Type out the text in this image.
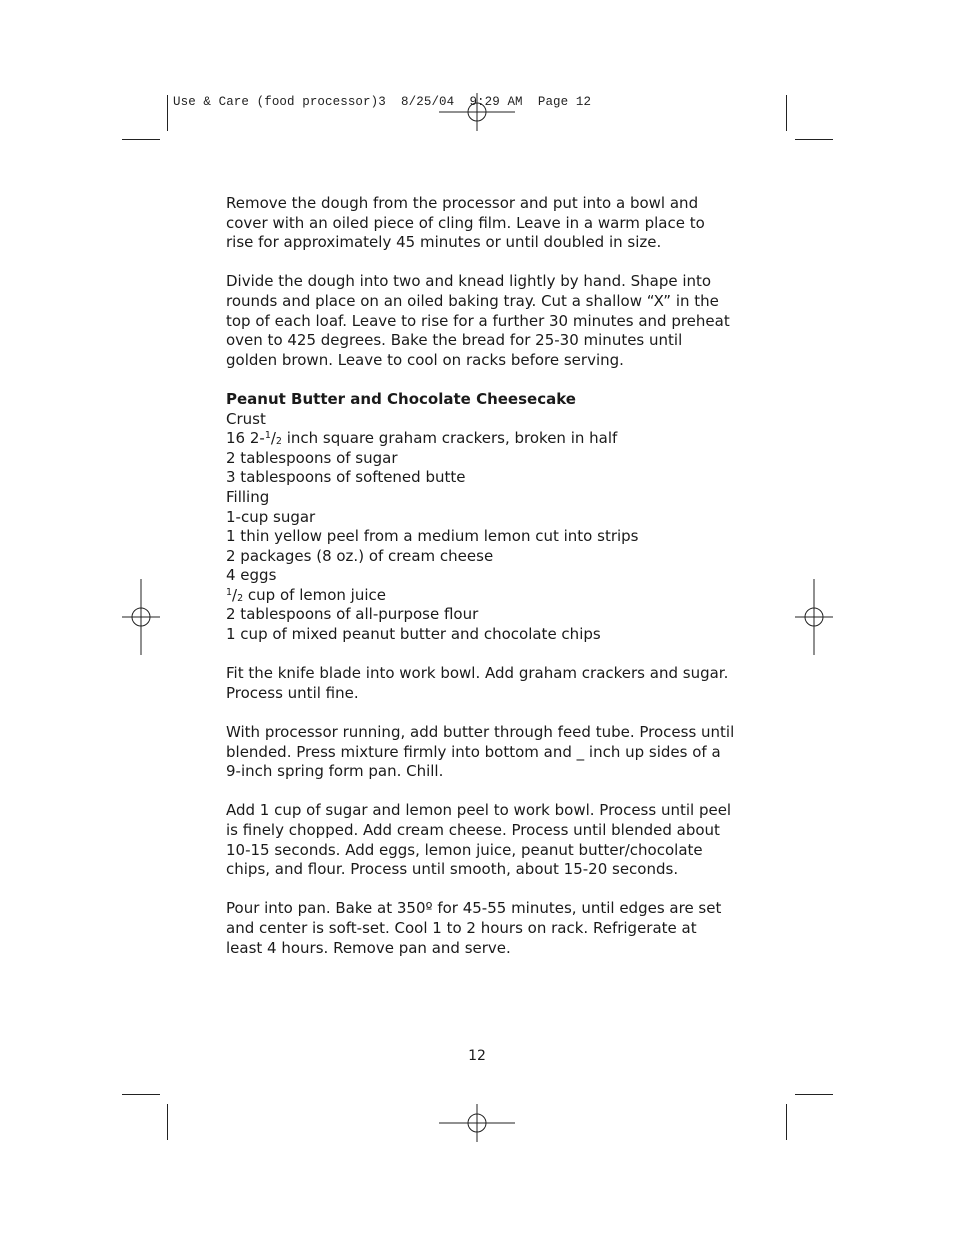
Use & Care (food processor)3  8/25/04  9:29 AM  Page 12

Remove the dough from the processor and put into a bowl and cover with an oiled piece of cling film. Leave in a warm place to rise for approximately 45 minutes or until doubled in size.

Divide the dough into two and knead lightly by hand. Shape into rounds and place on an oiled baking tray. Cut a shallow “X” in the top of each loaf. Leave to rise for a further 30 minutes and preheat oven to 425 degrees. Bake the bread for 25-30 minutes until golden brown. Leave to cool on racks before serving.

Peanut Butter and Chocolate Cheesecake
Crust
16 $2-^1/_2$ inch square graham crackers, broken in half
2 tablespoons of sugar
3 tablespoons of softened butte
Filling
1-cup sugar
1 thin yellow peel from a medium lemon cut into strips
2 packages (8 oz.) of cream cheese
4 eggs
$^1/_2$ cup of lemon juice
2 tablespoons of all-purpose flour
1 cup of mixed peanut butter and chocolate chips

Fit the knife blade into work bowl. Add graham crackers and sugar. Process until fine.

With processor running, add butter through feed tube. Process until blended. Press mixture firmly into bottom and _ inch up sides of a 9-inch spring form pan. Chill.

Add 1 cup of sugar and lemon peel to work bowl. Process until peel is finely chopped. Add cream cheese. Process until blended about 10-15 seconds. Add eggs, lemon juice, peanut butter/chocolate chips, and flour. Process until smooth, about 15-20 seconds.

Pour into pan. Bake at 350º for 45-55 minutes, until edges are set and center is soft-set. Cool 1 to 2 hours on rack. Refrigerate at least 4 hours. Remove pan and serve.

12
